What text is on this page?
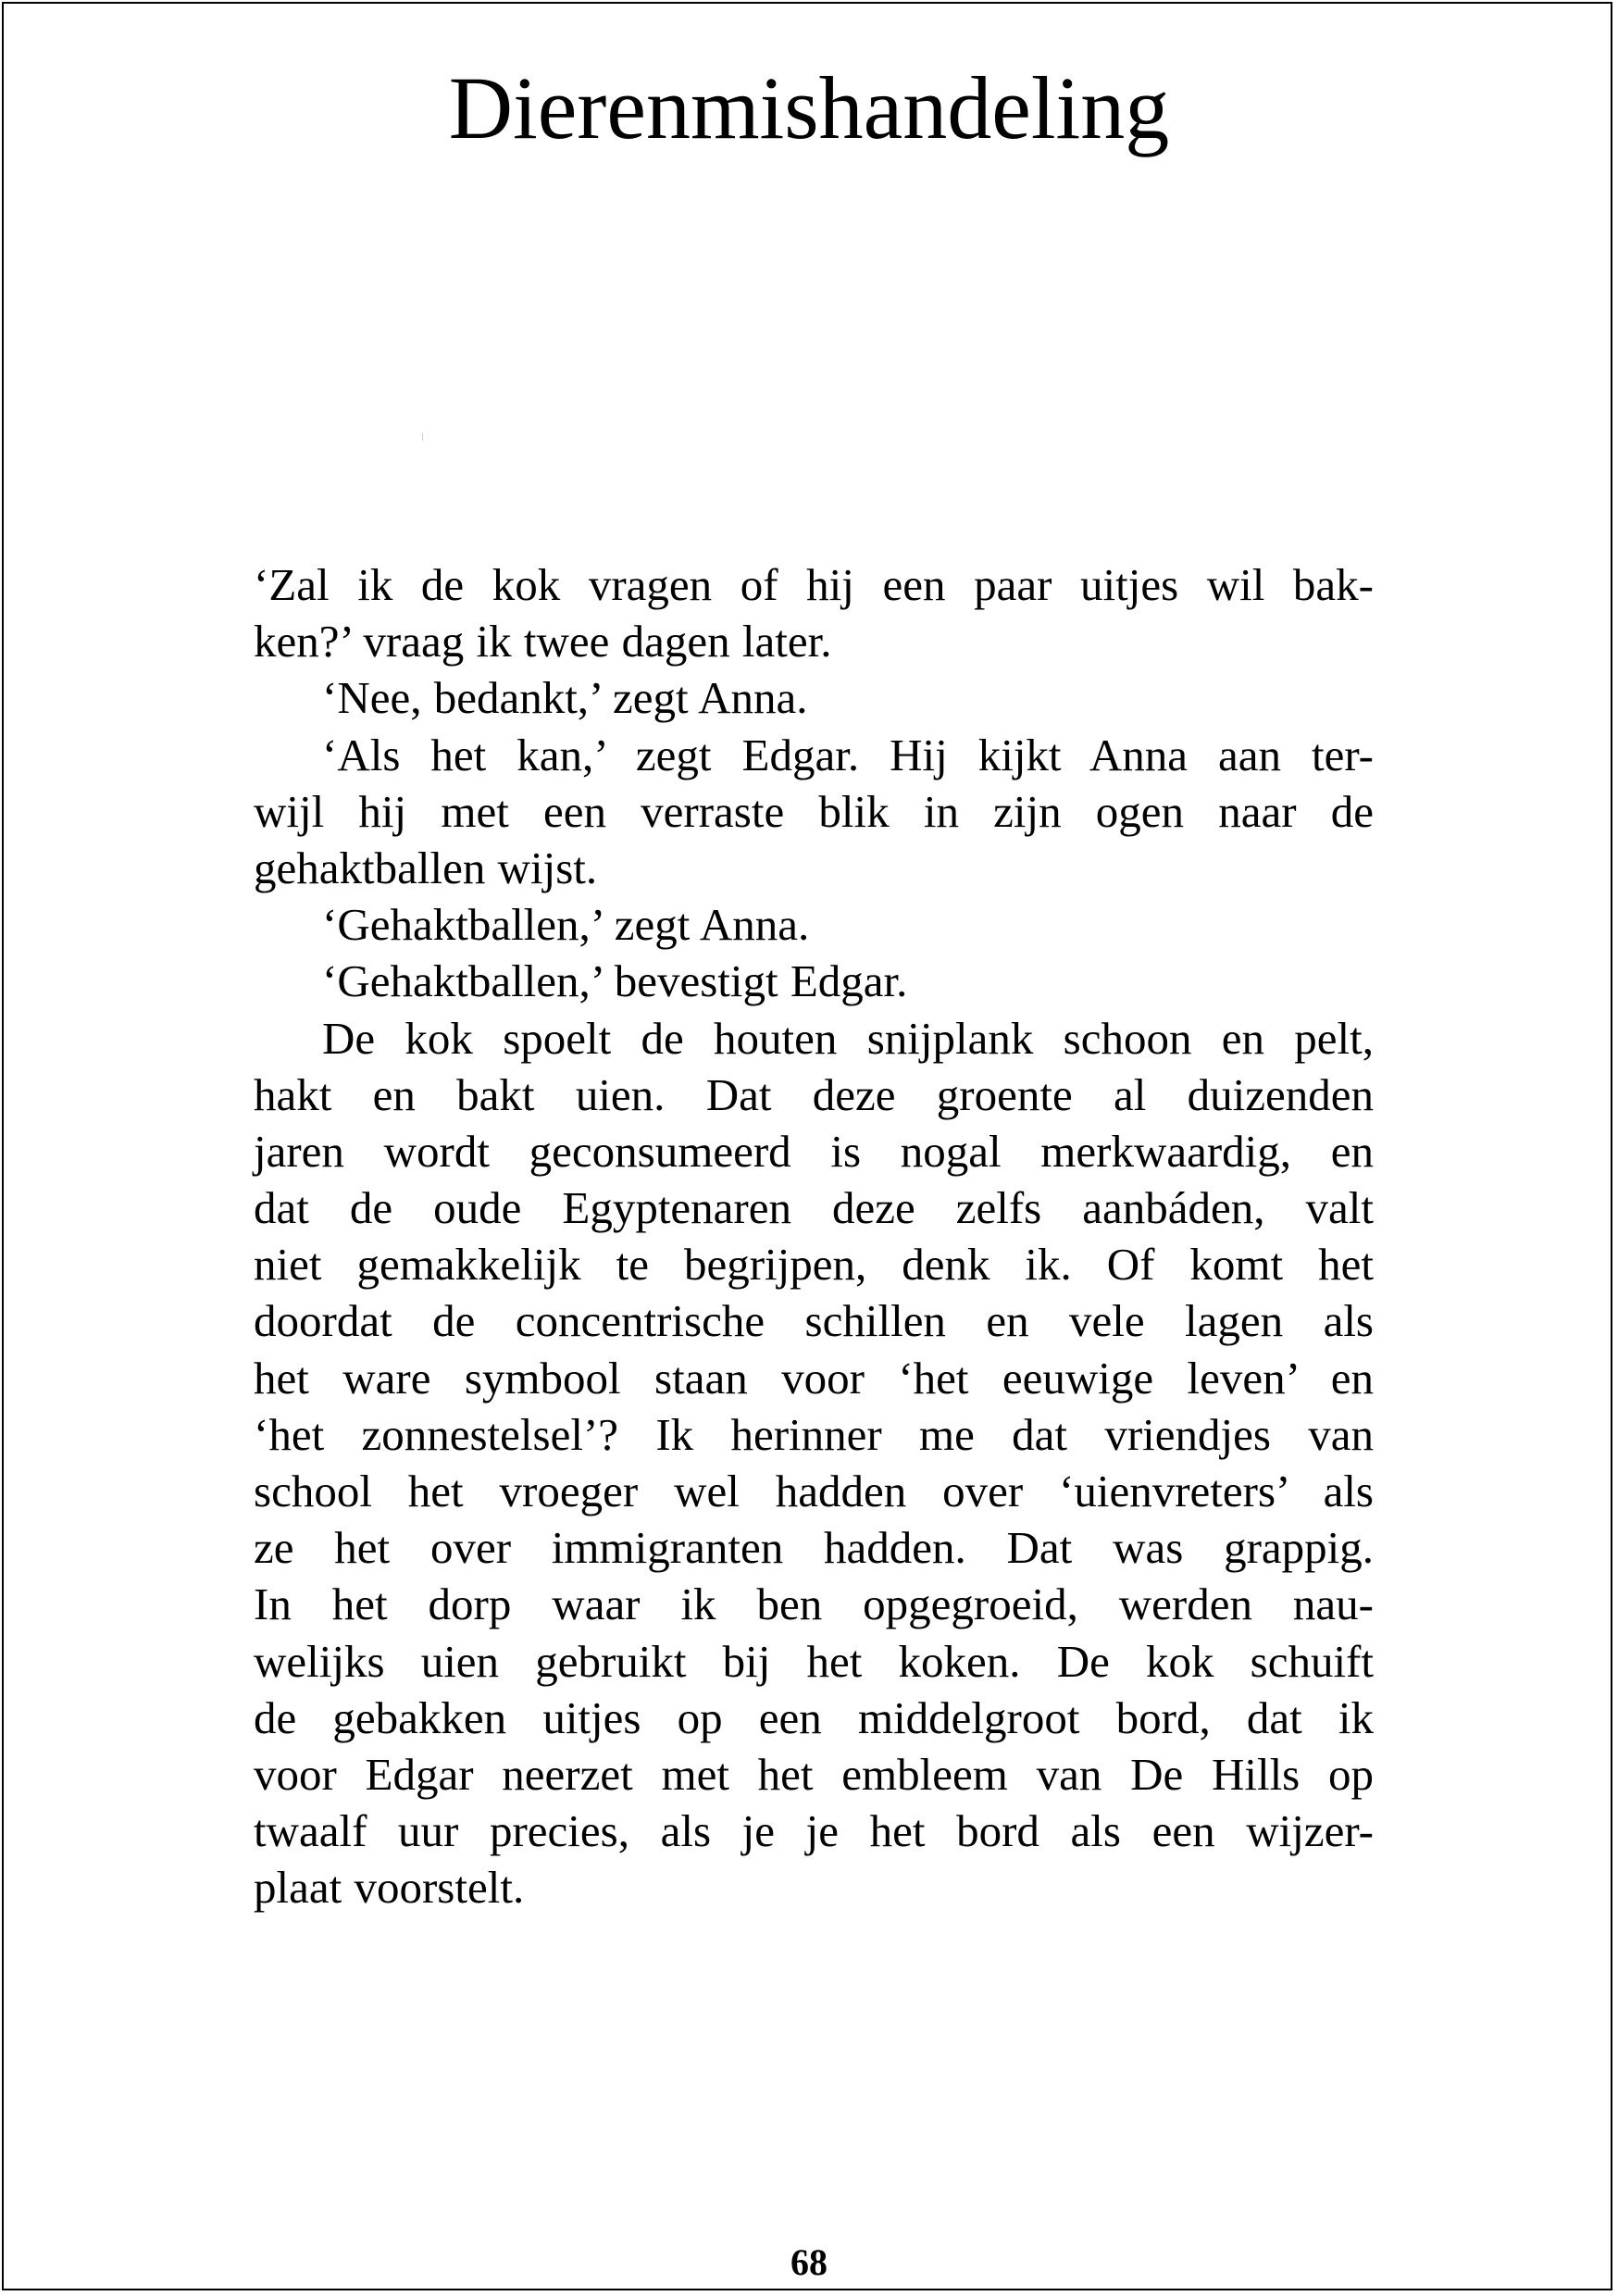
Dierenmishandeling
‘Zal ik de kok vragen of hij een paar uitjes wil bak-
ken?’ vraag ik twee dagen later.
‘Nee, bedankt,’ zegt Anna.
‘Als het kan,’ zegt Edgar. Hij kijkt Anna aan ter-
wijl hij met een verraste blik in zijn ogen naar de
gehaktballen wijst.
‘Gehaktballen,’ zegt Anna.
‘Gehaktballen,’ bevestigt Edgar.
De kok spoelt de houten snijplank schoon en pelt,
hakt en bakt uien. Dat deze groente al duizenden
jaren wordt geconsumeerd is nogal merkwaardig, en
dat de oude Egyptenaren deze zelfs aanbáden, valt
niet gemakkelijk te begrijpen, denk ik. Of komt het
doordat de concentrische schillen en vele lagen als
het ware symbool staan voor ‘het eeuwige leven’ en
‘het zonnestelsel’? Ik herinner me dat vriendjes van
school het vroeger wel hadden over ‘uienvreters’ als
ze het over immigranten hadden. Dat was grappig.
In het dorp waar ik ben opgegroeid, werden nau-
welijks uien gebruikt bij het koken. De kok schuift
de gebakken uitjes op een middelgroot bord, dat ik
voor Edgar neerzet met het embleem van De Hills op
twaalf uur precies, als je je het bord als een wijzer-
plaat voorstelt.
68
